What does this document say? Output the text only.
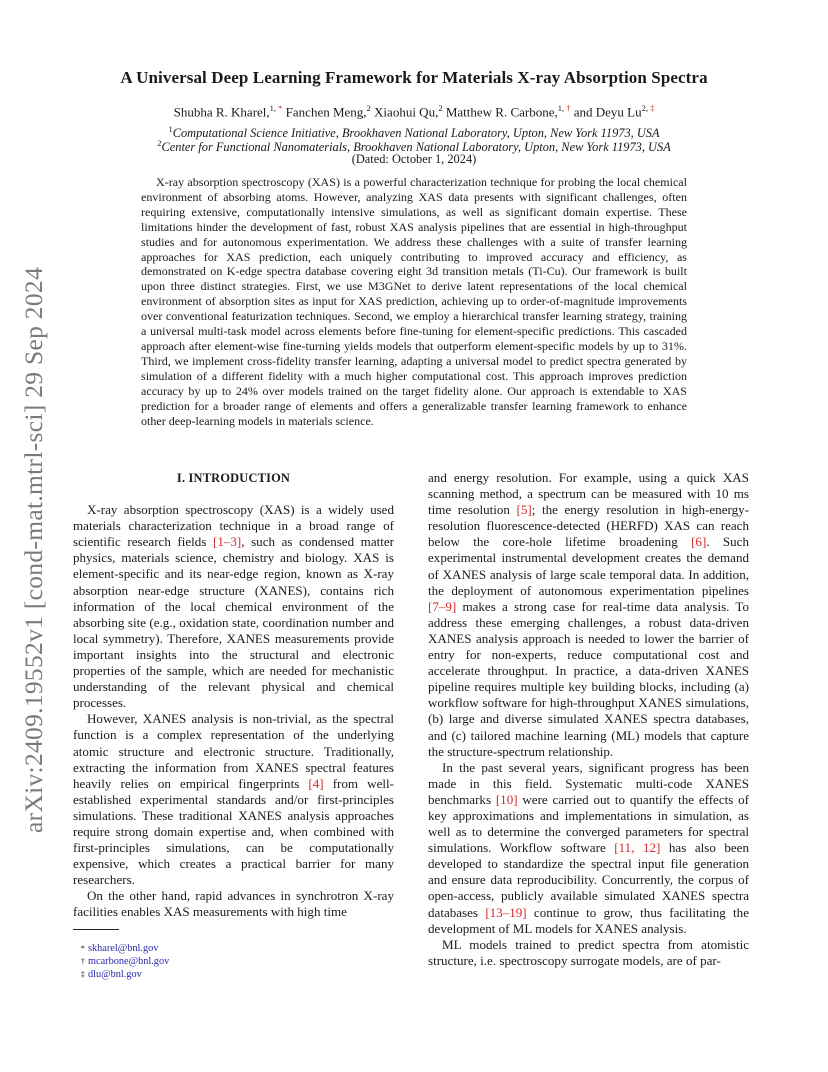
arXiv:2409.19552v1 [cond-mat.mtrl-sci] 29 Sep 2024
A Universal Deep Learning Framework for Materials X-ray Absorption Spectra
Shubha R. Kharel,$^{1,}$ * Fanchen Meng,$^2$ Xiaohui Qu,$^2$ Matthew R. Carbone,$^{1,}$ † and Deyu $Lu^{2,}$ ‡
$^1$Computational Science Initiative, Brookhaven National Laboratory, Upton, New York 11973, USA
$^2$Center for Functional Nanomaterials, Brookhaven National Laboratory, Upton, New York 11973, USA
(Dated: October 1, 2024)
X-ray absorption spectroscopy (XAS) is a powerful characterization technique for probing the local chemical environment of absorbing atoms. However, analyzing XAS data presents with significant challenges, often requiring extensive, computationally intensive simulations, as well as significant domain expertise. These limitations hinder the development of fast, robust XAS analysis pipelines that are essential in high-throughput studies and for autonomous experimentation. We address these challenges with a suite of transfer learning approaches for XAS prediction, each uniquely contributing to improved accuracy and efficiency, as demonstrated on K-edge spectra database covering eight 3d transition metals (Ti-Cu). Our framework is built upon three distinct strategies. First, we use M3GNet to derive latent representations of the local chemical environment of absorption sites as input for XAS prediction, achieving up to order-of-magnitude improvements over conventional featurization techniques. Second, we employ a hierarchical transfer learning strategy, training a universal multi-task model across elements before fine-tuning for element-specific predictions. This cascaded approach after element-wise fine-turning yields models that outperform element-specific models by up to 31%. Third, we implement cross-fidelity transfer learning, adapting a universal model to predict spectra generated by simulation of a different fidelity with a much higher computational cost. This approach improves prediction accuracy by up to 24% over models trained on the target fidelity alone. Our approach is extendable to XAS prediction for a broader range of elements and offers a generalizable transfer learning framework to enhance other deep-learning models in materials science.
I. INTRODUCTION

X-ray absorption spectroscopy (XAS) is a widely used materials characterization technique in a broad range of scientific research fields [1–3], such as condensed matter physics, materials science, chemistry and biology. XAS is element-specific and its near-edge region, known as X-ray absorption near-edge structure (XANES), contains rich information of the local chemical environment of the absorbing site (e.g., oxidation state, coordination number and local symmetry). Therefore, XANES measurements provide important insights into the structural and electronic properties of the sample, which are needed for mechanistic understanding of the relevant physical and chemical processes.

However, XANES analysis is non-trivial, as the spectral function is a complex representation of the underlying atomic structure and electronic structure. Traditionally, extracting the information from XANES spectral features heavily relies on empirical fingerprints [4] from well-established experimental standards and/or first-principles simulations. These traditional XANES analysis approaches require strong domain expertise and, when combined with first-principles simulations, can be computationally expensive, which creates a practical barrier for many researchers.

On the other hand, rapid advances in synchrotron X-ray facilities enables XAS measurements with high time

* skharel@bnl.gov
† mcarbone@bnl.gov
‡ dlu@bnl.gov

and energy resolution. For example, using a quick XAS scanning method, a spectrum can be measured with 10 ms time resolution [5]; the energy resolution in high-energy-resolution fluorescence-detected (HERFD) XAS can reach below the core-hole lifetime broadening [6]. Such experimental instrumental development creates the demand of XANES analysis of large scale temporal data. In addition, the deployment of autonomous experimentation pipelines [7–9] makes a strong case for real-time data analysis. To address these emerging challenges, a robust data-driven XANES analysis approach is needed to lower the barrier of entry for non-experts, reduce computational cost and accelerate throughput. In practice, a data-driven XANES pipeline requires multiple key building blocks, including (a) workflow software for high-throughput XANES simulations, (b) large and diverse simulated XANES spectra databases, and (c) tailored machine learning (ML) models that capture the structure-spectrum relationship.

In the past several years, significant progress has been made in this field. Systematic multi-code XANES benchmarks [10] were carried out to quantify the effects of key approximations and implementations in simulation, as well as to determine the converged parameters for spectral simulations. Workflow software [11, 12] has also been developed to standardize the spectral input file generation and ensure data reproducibility. Concurrently, the corpus of open-access, publicly available simulated XANES spectra databases [13–19] continue to grow, thus facilitating the development of ML models for XANES analysis.

ML models trained to predict spectra from atomistic structure, i.e. spectroscopy surrogate models, are of par-
